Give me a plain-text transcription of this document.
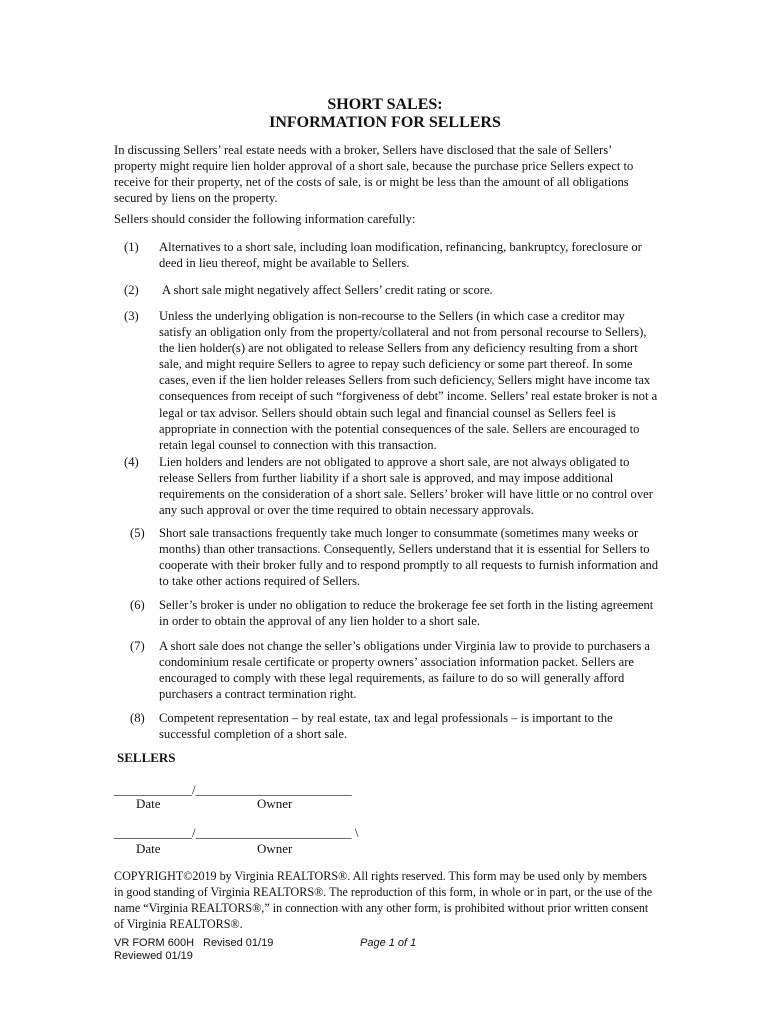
SHORT SALES:
INFORMATION FOR SELLERS

In discussing Sellers’ real estate needs with a broker, Sellers have disclosed that the sale of Sellers’ property might require lien holder approval of a short sale, because the purchase price Sellers expect to receive for their property, net of the costs of sale, is or might be less than the amount of all obligations secured by liens on the property.

Sellers should consider the following information carefully:

(1) Alternatives to a short sale, including loan modification, refinancing, bankruptcy, foreclosure or deed in lieu thereof, might be available to Sellers.
(2) A short sale might negatively affect Sellers’ credit rating or score.
(3) Unless the underlying obligation is non-recourse to the Sellers (in which case a creditor may satisfy an obligation only from the property/collateral and not from personal recourse to Sellers), the lien holder(s) are not obligated to release Sellers from any deficiency resulting from a short sale, and might require Sellers to agree to repay such deficiency or some part thereof. In some cases, even if the lien holder releases Sellers from such deficiency, Sellers might have income tax consequences from receipt of such “forgiveness of debt” income. Sellers’ real estate broker is not a legal or tax advisor. Sellers should obtain such legal and financial counsel as Sellers feel is appropriate in connection with the potential consequences of the sale. Sellers are encouraged to retain legal counsel to connection with this transaction.
(4) Lien holders and lenders are not obligated to approve a short sale, are not always obligated to release Sellers from further liability if a short sale is approved, and may impose additional requirements on the consideration of a short sale. Sellers’ broker will have little or no control over any such approval or over the time required to obtain necessary approvals.
(5) Short sale transactions frequently take much longer to consummate (sometimes many weeks or months) than other transactions. Consequently, Sellers understand that it is essential for Sellers to cooperate with their broker fully and to respond promptly to all requests to furnish information and to take other actions required of Sellers.
(6) Seller’s broker is under no obligation to reduce the brokerage fee set forth in the listing agreement in order to obtain the approval of any lien holder to a short sale.
(7) A short sale does not change the seller’s obligations under Virginia law to provide to purchasers a condominium resale certificate or property owners’ association information packet. Sellers are encouraged to comply with these legal requirements, as failure to do so will generally afford purchasers a contract termination right.
(8) Competent representation – by real estate, tax and legal professionals – is important to the successful completion of a short sale.
SELLERS
____________/________________________
Date	Owner
____________/________________________ \
Date	Owner

COPYRIGHT©2019 by Virginia REALTORS®. All rights reserved. This form may be used only by members in good standing of Virginia REALTORS®. The reproduction of this form, in whole or in part, or the use of the name “Virginia REALTORS®,” in connection with any other form, is prohibited without prior written consent of Virginia REALTORS®.

VR FORM 600H Revised 01/19	Page 1 of 1
Reviewed 01/19
